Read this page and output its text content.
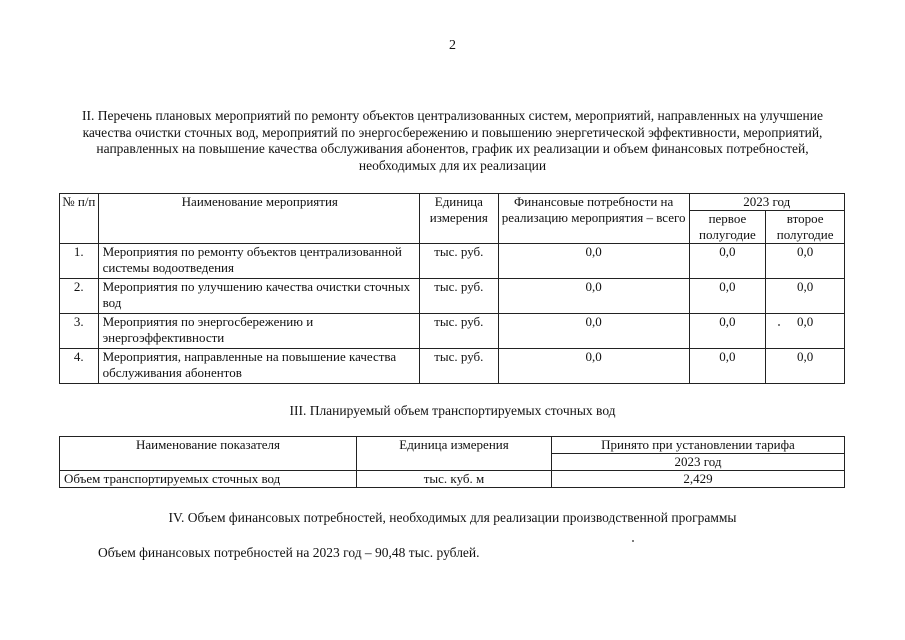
2
II. Перечень плановых мероприятий по ремонту объектов централизованных систем, мероприятий, направленных на улучшение качества очистки сточных вод, мероприятий по энергосбережению и повышению энергетической эффективности, мероприятий, направленных на повышение качества обслуживания абонентов, график их реализации и объем финансовых потребностей, необходимых для их реализации
№ п/п	Наименование мероприятия	Единица измерения	Финансовые потребности на реализацию мероприятия – всего	2023 год	
				первое полугодие	второе полугодие
1.	Мероприятия по ремонту объектов централизованной системы водоотведения	тыс. руб.	0,0	0,0	0,0
2.	Мероприятия по улучшению качества очистки сточных вод	тыс. руб.	0,0	0,0	0,0
3.	Мероприятия по энергосбережению и энергоэффективности	тыс. руб.	0,0	0,0	0,0
4.	Мероприятия, направленные на повышение качества обслуживания абонентов	тыс. руб.	0,0	0,0	0,0
III. Планируемый объем транспортируемых сточных вод
Наименование показателя	Единица измерения	Принято при установлении тарифа
		2023 год
Объем транспортируемых сточных вод	тыс. куб. м	2,429
IV. Объем финансовых потребностей, необходимых для реализации производственной программы
Объем финансовых потребностей на 2023 год – 90,48 тыс. рублей.
